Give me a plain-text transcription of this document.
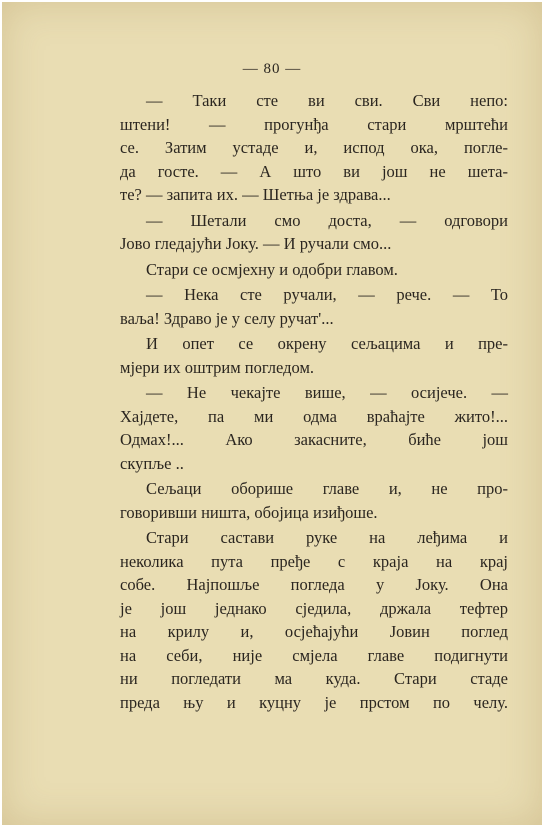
— 80 —

— Таки сте ви сви. Сви непо:
штени! — прогунђа стари мрштећи
се. Затим устаде и, испод ока, погле-
да госте. — А што ви још не шета-
те? — запита их. — Шетња је здрава...

— Шетали смо доста, — одговори
Јово гледајући Јоку. — И ручали смо...

Стари се осмјехну и одобри главом.

— Нека сте ручали, — рече. — То
ваља! Здраво је у селу ручат'...

И опет се окрену сељацима и пре-
мјери их оштрим погледом.

— Не чекајте више, — осијече. —
Хајдете, па ми одма враћајте жито!...
Одмах!... Ако закасните, биће још
скупље ..

Сељаци оборише главе и, не про-
говоривши ништа, обојица изиђоше.

Стари састави руке на леђима и
неколика пута пређе с краја на крај
собе. Најпошље погледа у Јоку. Она
је још једнако сједила, држала тефтер
на крилу и, осјећајући Јовин поглед
на себи, није смјела главе подигнути
ни погледати ма куда. Стари стаде
преда њу и куцну је прстом по челу.
